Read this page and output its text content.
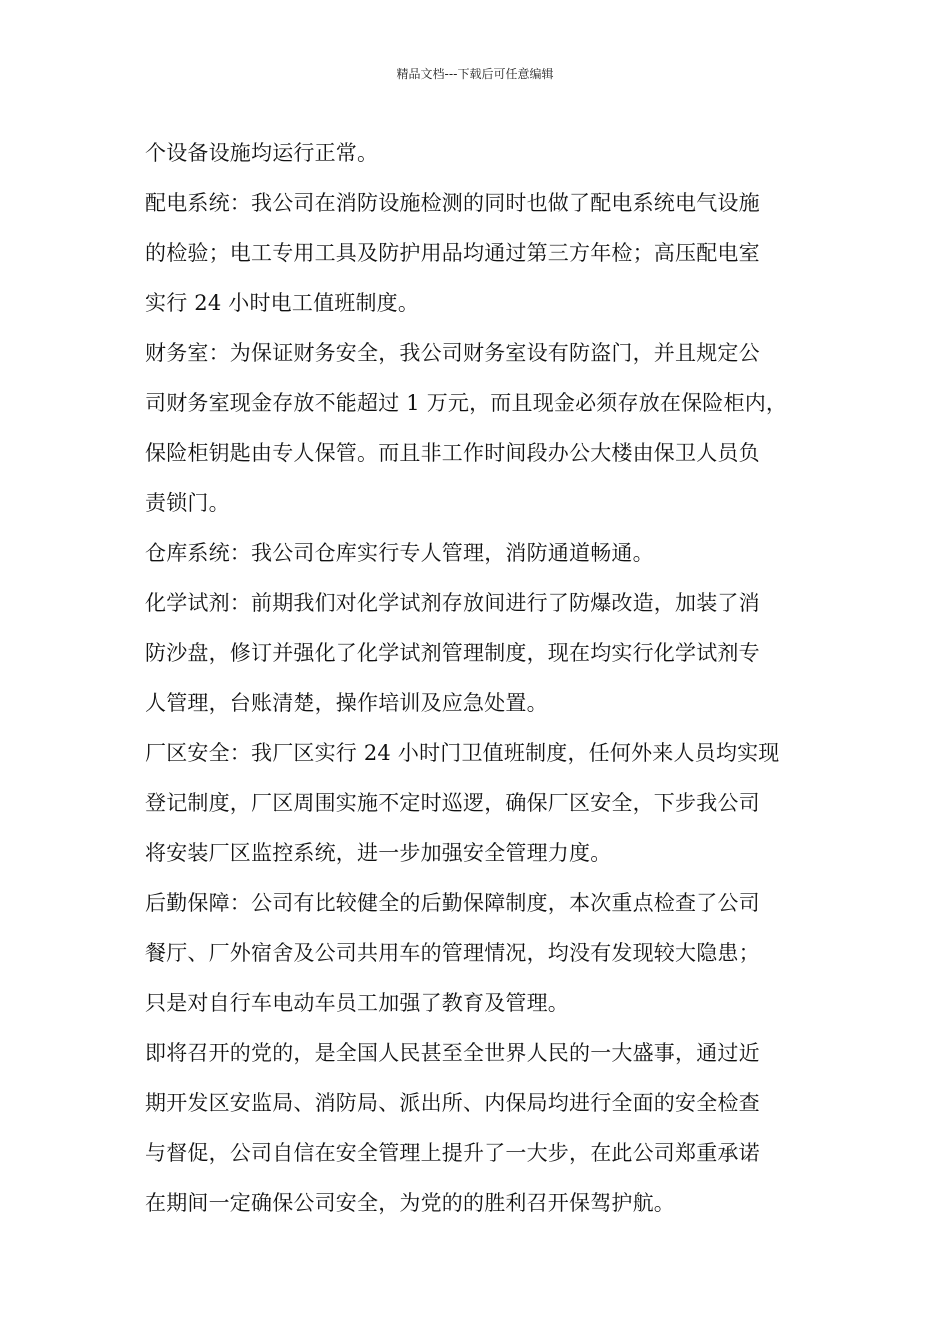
精品文档---下载后可任意编辑
个设备设施均运行正常。
配电系统：我公司在消防设施检测的同时也做了配电系统电气设施
的检验；电工专用工具及防护用品均通过第三方年检；高压配电室
实行 24 小时电工值班制度。
财务室：为保证财务安全，我公司财务室设有防盗门，并且规定公
司财务室现金存放不能超过 1 万元，而且现金必须存放在保险柜内，
保险柜钥匙由专人保管。而且非工作时间段办公大楼由保卫人员负
责锁门。
仓库系统：我公司仓库实行专人管理，消防通道畅通。
化学试剂：前期我们对化学试剂存放间进行了防爆改造，加装了消
防沙盘，修订并强化了化学试剂管理制度，现在均实行化学试剂专
人管理，台账清楚，操作培训及应急处置。
厂区安全：我厂区实行 24 小时门卫值班制度，任何外来人员均实现
登记制度，厂区周围实施不定时巡逻，确保厂区安全，下步我公司
将安装厂区监控系统，进一步加强安全管理力度。
后勤保障：公司有比较健全的后勤保障制度，本次重点检查了公司
餐厅、厂外宿舍及公司共用车的管理情况，均没有发现较大隐患；
只是对自行车电动车员工加强了教育及管理。
即将召开的党的，是全国人民甚至全世界人民的一大盛事，通过近
期开发区安监局、消防局、派出所、内保局均进行全面的安全检查
与督促，公司自信在安全管理上提升了一大步，在此公司郑重承诺
在期间一定确保公司安全，为党的的胜利召开保驾护航。
